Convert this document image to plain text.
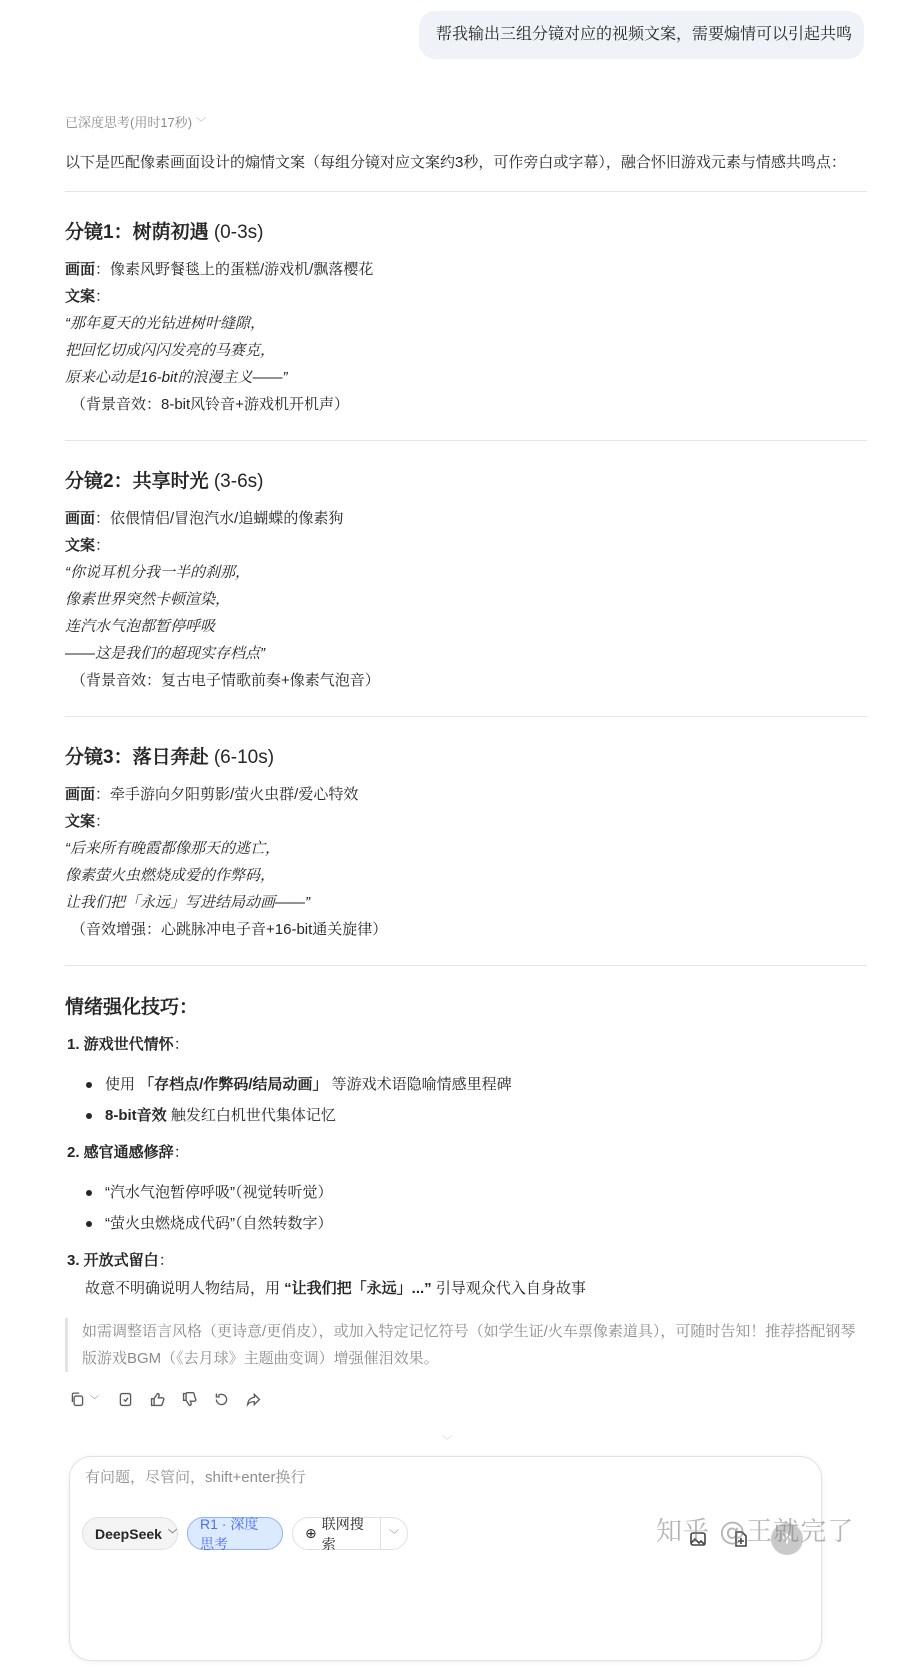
帮我输出三组分镜对应的视频文案，需要煽情可以引起共鸣
已深度思考(用时17秒) ﹀
以下是匹配像素画面设计的煽情文案（每组分镜对应文案约3秒，可作旁白或字幕），融合怀旧游戏元素与情感共鸣点：
分镜1：树荫初遇 (0-3s)
画面：像素风野餐毯上的蛋糕/游戏机/飘落樱花
文案：
“那年夏天的光钻进树叶缝隙，
把回忆切成闪闪发亮的马赛克，
原来心动是16-bit的浪漫主义——”
（背景音效：8-bit风铃音+游戏机开机声）
分镜2：共享时光 (3-6s)
画面：依偎情侣/冒泡汽水/追蝴蝶的像素狗
文案：
“你说耳机分我一半的刹那，
像素世界突然卡顿渲染，
连汽水气泡都暂停呼吸
——这是我们的超现实存档点”
（背景音效：复古电子情歌前奏+像素气泡音）
分镜3：落日奔赴 (6-10s)
画面：牵手游向夕阳剪影/萤火虫群/爱心特效
文案：
“后来所有晚霞都像那天的逃亡，
像素萤火虫燃烧成爱的作弊码，
让我们把「永远」写进结局动画——”
（音效增强：心跳脉冲电子音+16-bit通关旋律）
情绪强化技巧：
1. 游戏世代情怀：
使用 「存档点/作弊码/结局动画」 等游戏术语隐喻情感里程碑
8-bit音效 触发红白机世代集体记忆
2. 感官通感修辞：
“汽水气泡暂停呼吸”（视觉转听觉）
“萤火虫燃烧成代码”（自然转数字）
3. 开放式留白：
故意不明确说明人物结局，用 “让我们把「永远」...” 引导观众代入自身故事
如需调整语言风格（更诗意/更俏皮），或加入特定记忆符号（如学生证/火车票像素道具），可随时告知！推荐搭配钢琴版游戏BGM（《去月球》主题曲变调）增强催泪效果。
﹀
﹀
有问题，尽管问，shift+enter换行
DeepSeek ﹀
R1 · 深度思考
⊕
联网搜索	﹀	知乎 @王就完了
